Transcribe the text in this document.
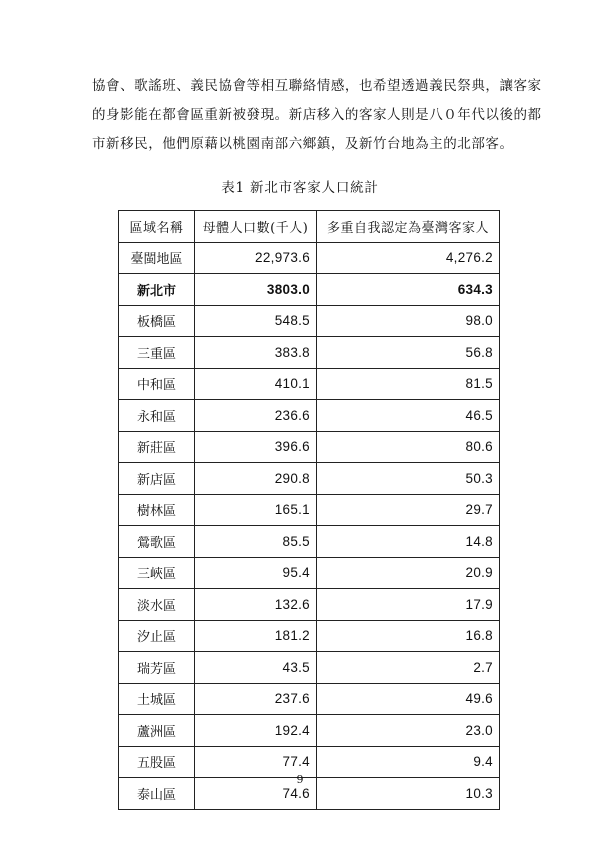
協會、歌謠班、義民協會等相互聯絡情感，也希望透過義民祭典，讓客家
的身影能在都會區重新被發現。新店移入的客家人則是八０年代以後的都
市新移民，他們原藉以桃園南部六鄉鎮，及新竹台地為主的北部客。
表1 新北市客家人口統計
區域名稱	母體人口數(千人)	多重自我認定為臺灣客家人
臺閩地區	22,973.6	4,276.2
新北市	3803.0	634.3
板橋區	548.5	98.0
三重區	383.8	56.8
中和區	410.1	81.5
永和區	236.6	46.5
新莊區	396.6	80.6
新店區	290.8	50.3
樹林區	165.1	29.7
鶯歌區	85.5	14.8
三峽區	95.4	20.9
淡水區	132.6	17.9
汐止區	181.2	16.8
瑞芳區	43.5	2.7
土城區	237.6	49.6
蘆洲區	192.4	23.0
五股區	77.4	9.4
泰山區	74.6	10.3
9
